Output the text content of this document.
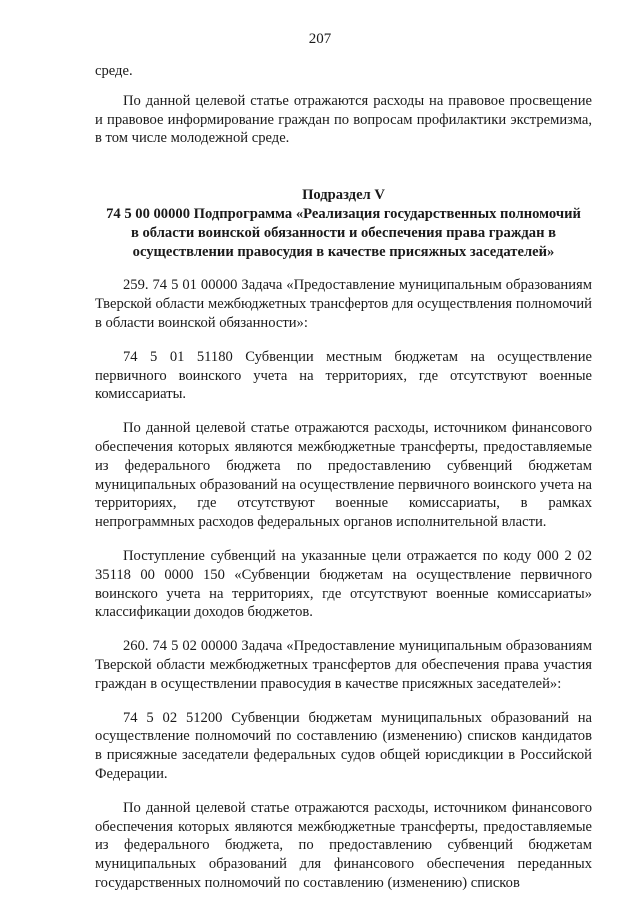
207

среде.

По данной целевой статье отражаются расходы на правовое просвещение и правовое информирование граждан по вопросам профилактики экстремизма, в том числе молодежной среде.

Подраздел V
74 5 00 00000 Подпрограмма «Реализация государственных полномочий в области воинской обязанности и обеспечения права граждан в осуществлении правосудия в качестве присяжных заседателей»

259. 74 5 01 00000 Задача «Предоставление муниципальным образованиям Тверской области межбюджетных трансфертов для осуществления полномочий в области воинской обязанности»:

74 5 01 51180 Субвенции местным бюджетам на осуществление первичного воинского учета на территориях, где отсутствуют военные комиссариаты.

По данной целевой статье отражаются расходы, источником финансового обеспечения которых являются межбюджетные трансферты, предоставляемые из федерального бюджета по предоставлению субвенций бюджетам муниципальных образований на осуществление первичного воинского учета на территориях, где отсутствуют военные комиссариаты, в рамках непрограммных расходов федеральных органов исполнительной власти.

Поступление субвенций на указанные цели отражается по коду 000 2 02 35118 00 0000 150 «Субвенции бюджетам на осуществление первичного воинского учета на территориях, где отсутствуют военные комиссариаты» классификации доходов бюджетов.

260. 74 5 02 00000 Задача «Предоставление муниципальным образованиям Тверской области межбюджетных трансфертов для обеспечения права участия граждан в осуществлении правосудия в качестве присяжных заседателей»:

74 5 02 51200 Субвенции бюджетам муниципальных образований на осуществление полномочий по составлению (изменению) списков кандидатов в присяжные заседатели федеральных судов общей юрисдикции в Российской Федерации.

По данной целевой статье отражаются расходы, источником финансового обеспечения которых являются межбюджетные трансферты, предоставляемые из федерального бюджета, по предоставлению субвенций бюджетам муниципальных образований для финансового обеспечения переданных государственных полномочий по составлению (изменению) списков
